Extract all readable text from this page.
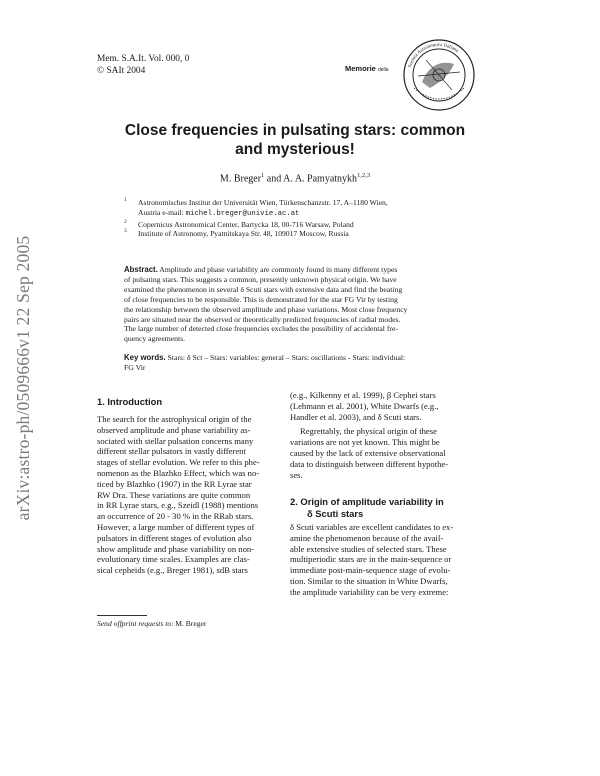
arXiv:astro-ph/0509666v1 22 Sep 2005
Mem. S.A.It. Vol. 000, 0
© SAIt 2004	Memorie della
Società Astronomica Italiana
Close frequencies in pulsating stars: common
and mysterious!
M. Breger$^1$ and A. A. Pamyatnykh$^{1,2,3}$
1 Astronomisches Institut der Universität Wien, Türkenschanzstr. 17, A–1180 Wien,
Austria e-mail: michel.breger@univie.ac.at
2 Copernicus Astronomical Center, Bartycka 18, 00-716 Warsaw, Poland
3 Institute of Astronomy, Pyatnitskaya Str. 48, 109017 Moscow, Russia
Abstract. Amplitude and phase variability are commonly found in many different types
of pulsating stars. This suggests a common, presently unknown physical origin. We have
examined the phenomenon in several δ Scuti stars with extensive data and find the beating
of close frequencies to be responsible. This is demonstrated for the star FG Vir by testing
the relationship between the observed amplitude and phase variations. Most close frequency
pairs are situated near the observed or theoretically predicted frequencies of radial modes.
The large number of detected close frequencies excludes the possibility of accidental fre-
quency agreements.
Key words. Stars: δ Sct – Stars: variables: general – Stars: oscillations - Stars: individual:
FG Vir
1. Introduction
The search for the astrophysical origin of the
observed amplitude and phase variability as-
sociated with stellar pulsation concerns many
different stellar pulsators in vastly different
stages of stellar evolution. We refer to this phe-
nomenon as the Blazhko Effect, which was no-
ticed by Blazhko (1907) in the RR Lyrae star
RW Dra. These variations are quite common
in RR Lyrae stars, e.g., Szeidl (1988) mentions
an occurrence of 20 - 30 % in the RRab stars.
However, a large number of different types of
pulsators in different stages of evolution also
show amplitude and phase variability on non-
evolutionary time scales. Examples are clas-
sical cepheids (e.g., Breger 1981), sdB stars
(e.g., Kilkenny et al. 1999), β Cephei stars
(Lehmann et al. 2001), White Dwarfs (e.g.,
Handler et al. 2003), and δ Scuti stars.
Regrettably, the physical origin of these
variations are not yet known. This might be
caused by the lack of extensive observational
data to distinguish between different hypothe-
ses.
2. Origin of amplitude variability in
δ Scuti stars
δ Scuti variables are excellent candidates to ex-
amine the phenomenon because of the avail-
able extensive studies of selected stars. These
multiperiodic stars are in the main-sequence or
immediate post-main-sequence stage of evolu-
tion. Similar to the situation in White Dwarfs,
the amplitude variability can be very extreme:
Send offprint requests to: M. Breger
